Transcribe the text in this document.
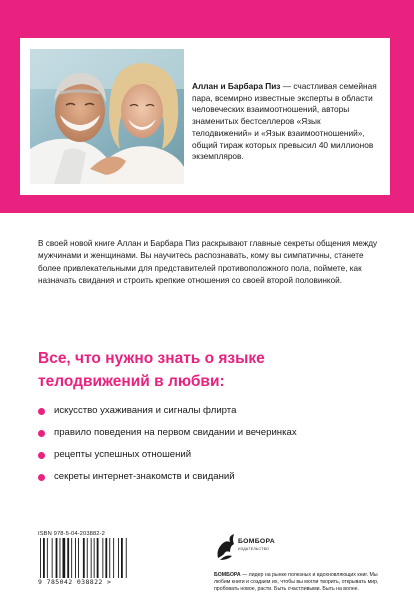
Аллан и Барбара Пиз — счастливая семейная пара, всемирно известные эксперты в области человеческих взаимоотношений, авторы знаменитых бестселлеров «Язык телодвижений» и «Язык взаимоотношений», общий тираж которых превысил 40 миллионов экземпляров.

В своей новой книге Аллан и Барбара Пиз раскрывают главные секреты общения между мужчинами и женщинами. Вы научитесь распознавать, кому вы симпатичны, станете более привлекательными для представителей противоположного пола, поймете, как назначать свидания и строить крепкие отношения со своей второй половинкой.

Все, что нужно знать о языке телодвижений в любви:

искусство ухаживания и сигналы флирта
правило поведения на первом свидании и вечеринках
рецепты успешных отношений
секреты интернет-знакомств и свиданий
ISBN 978-5-04-203882-2
9 785042 038822 >
БОМБОРА
ИЗДАТЕЛЬСТВО

БОМБОРА — лидер на рынке полезных и вдохновляющих книг. Мы любим книги и создаем их, чтобы вы могли творить, открывать мир, пробовать новое, расти. Быть счастливыми. Быть на волне.
